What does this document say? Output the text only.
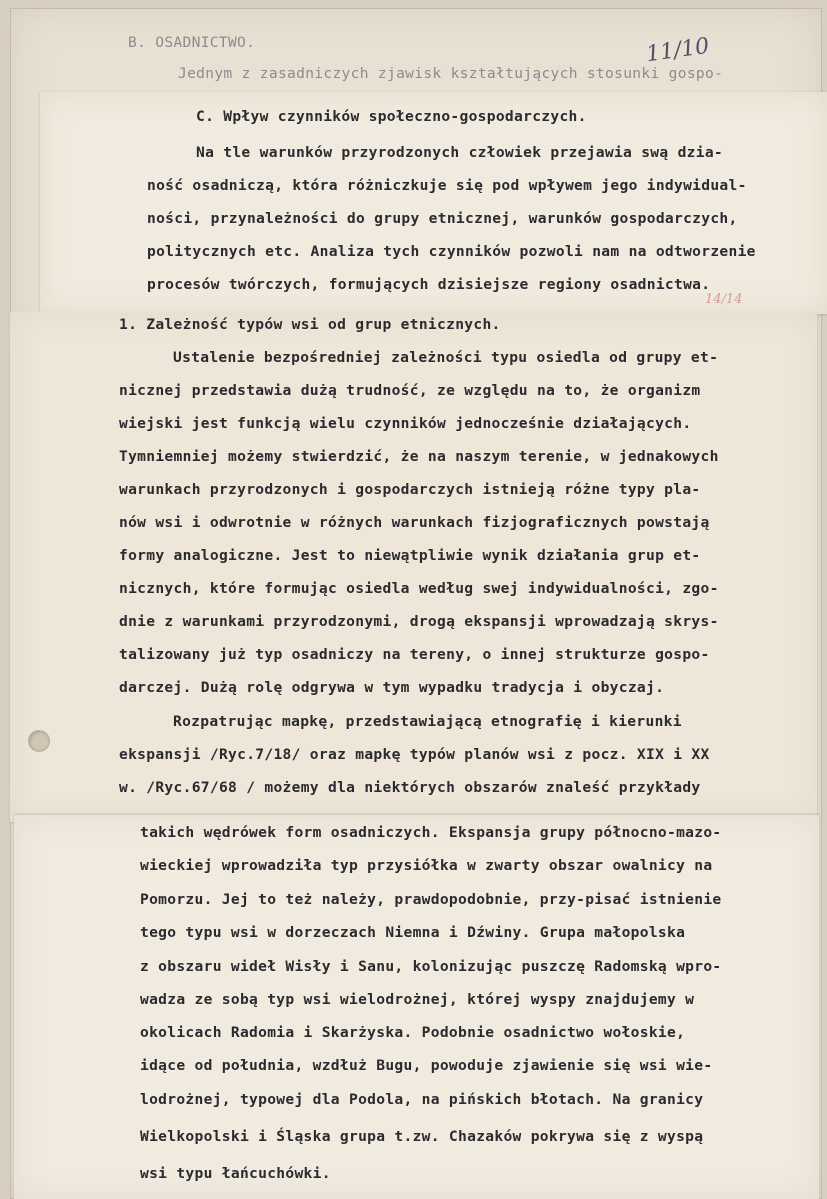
B. OSADNICTWO.
Jednym z zasadniczych zjawisk kształtujących stosunki gospo-
11/10
C. Wpływ czynników społeczno-gospodarczych.
Na tle warunków przyrodzonych człowiek przejawia swą dzia-
ność osadniczą, która różniczkuje się pod wpływem jego indywidual-
ności, przynależności do grupy etnicznej, warunków gospodarczych,
politycznych etc. Analiza tych czynników pozwoli nam na odtworzenie
procesów twórczych, formujących dzisiejsze regiony osadnictwa.
14/14
1. Zależność typów wsi od grup etnicznych.
Ustalenie bezpośredniej zależności typu osiedla od grupy et-
nicznej przedstawia dużą trudność, ze względu na to, że organizm
wiejski jest funkcją wielu czynników jednocześnie działających.
Tymniemniej możemy stwierdzić, że na naszym terenie, w jednakowych
warunkach przyrodzonych i gospodarczych istnieją różne typy pla-
nów wsi i odwrotnie w różnych warunkach fizjograficznych powstają
formy analogiczne. Jest to niewątpliwie wynik działania grup et-
nicznych, które formując osiedla według swej indywidualności, zgo-
dnie z warunkami przyrodzonymi, drogą ekspansji wprowadzają skrys-
talizowany już typ osadniczy na tereny, o innej strukturze gospo-
darczej. Dużą rolę odgrywa w tym wypadku tradycja i obyczaj.
Rozpatrując mapkę, przedstawiającą etnografię i kierunki
ekspansji /Ryc.7/18/ oraz mapkę typów planów wsi z pocz. XIX i XX
w. /Ryc.67/68 / możemy dla niektórych obszarów znaleść przykłady
takich wędrówek form osadniczych. Ekspansja grupy północno-mazo-
wieckiej wprowadziła typ przysiółka w zwarty obszar owalnicy na
Pomorzu. Jej to też należy, prawdopodobnie, przy-pisać istnienie
tego typu wsi w dorzeczach Niemna i Dźwiny. Grupa małopolska
z obszaru wideł Wisły i Sanu, kolonizując puszczę Radomską wpro-
wadza ze sobą typ wsi wielodrożnej, której wyspy znajdujemy w
okolicach Radomia i Skarżyska. Podobnie osadnictwo wołoskie,
idące od południa, wzdłuż Bugu, powoduje zjawienie się wsi wie-
lodrożnej, typowej dla Podola, na pińskich błotach. Na granicy
Wielkopolski i Śląska grupa t.zw. Chazaków pokrywa się z wyspą
wsi typu łańcuchówki.
